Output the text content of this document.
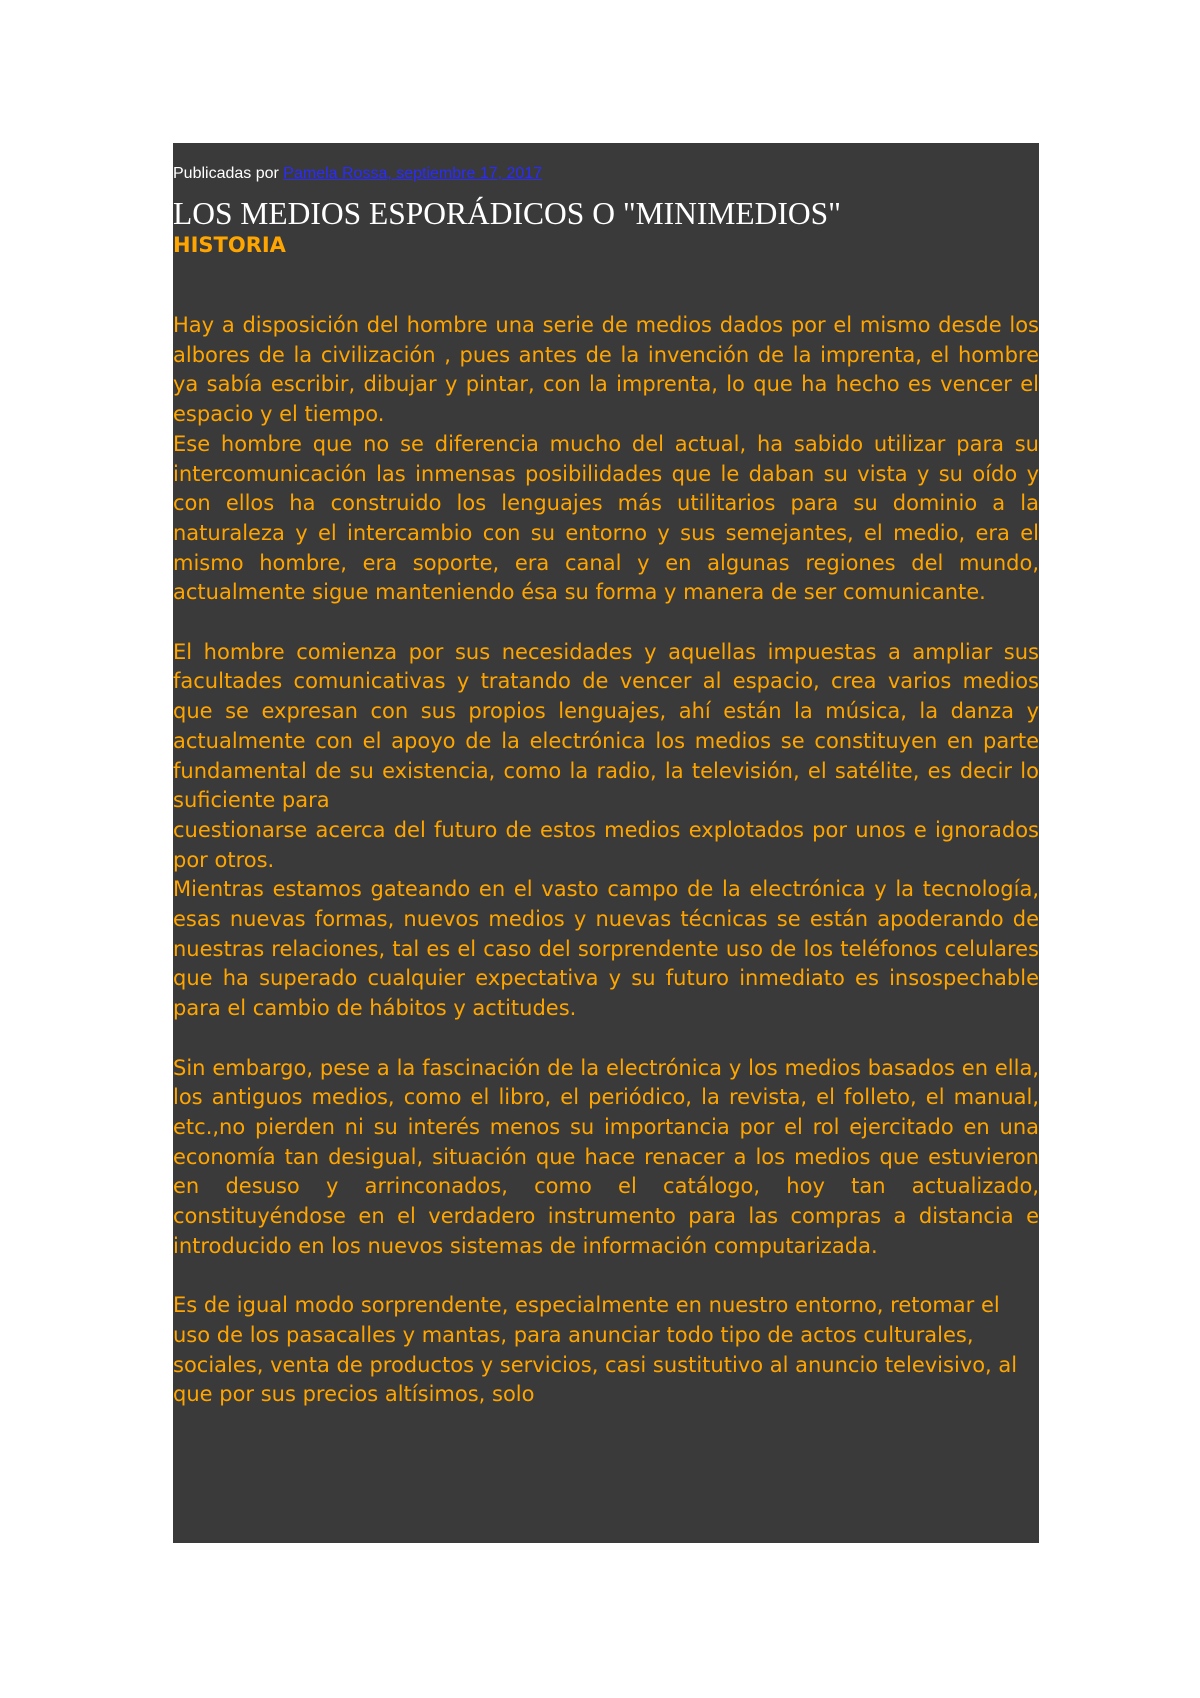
Publicadas por Pamela Rossa, septiembre 17, 2017
LOS MEDIOS ESPORÁDICOS O "MINIMEDIOS"
HISTORIA

Hay a disposición del hombre una serie de medios dados por el mismo desde los albores de la civilización , pues antes de la invención de la imprenta, el hombre ya sabía escribir, dibujar y pintar, con la imprenta, lo que ha hecho es vencer el espacio y el tiempo.

Ese hombre que no se diferencia mucho del actual, ha sabido utilizar para su intercomunicación las inmensas posibilidades que le daban su vista y su oído y con ellos ha construido los lenguajes más utilitarios para su dominio a la naturaleza y el intercambio con su entorno y sus semejantes, el medio, era el mismo hombre, era soporte, era canal y en algunas regiones del mundo, actualmente sigue manteniendo ésa su forma y manera de ser comunicante.

El hombre comienza por sus necesidades y aquellas impuestas a ampliar sus facultades comunicativas y tratando de vencer al espacio, crea varios medios que se expresan con sus propios lenguajes, ahí están la música, la danza y actualmente con el apoyo de la electrónica los medios se constituyen en parte fundamental de su existencia, como la radio, la televisión, el satélite, es decir lo suficiente para

cuestionarse acerca del futuro de estos medios explotados por unos e ignorados por otros.

Mientras estamos gateando en el vasto campo de la electrónica y la tecnología, esas nuevas formas, nuevos medios y nuevas técnicas se están apoderando de nuestras relaciones, tal es el caso del sorprendente uso de los teléfonos celulares que ha superado cualquier expectativa y su futuro inmediato es insospechable para el cambio de hábitos y actitudes.

Sin embargo, pese a la fascinación de la electrónica y los medios basados en ella, los antiguos medios, como el libro, el periódico, la revista, el folleto, el manual, etc.,no pierden ni su interés menos su importancia por el rol ejercitado en una economía tan desigual, situación que hace renacer a los medios que estuvieron en desuso y arrinconados, como el catálogo, hoy tan actualizado, constituyéndose en el verdadero instrumento para las compras a distancia e introducido en los nuevos sistemas de información computarizada.

Es de igual modo sorprendente, especialmente en nuestro entorno, retomar el uso de los pasacalles y mantas, para anunciar todo tipo de actos culturales, sociales, venta de productos y servicios, casi sustitutivo al anuncio televisivo, al que por sus precios altísimos, solo
